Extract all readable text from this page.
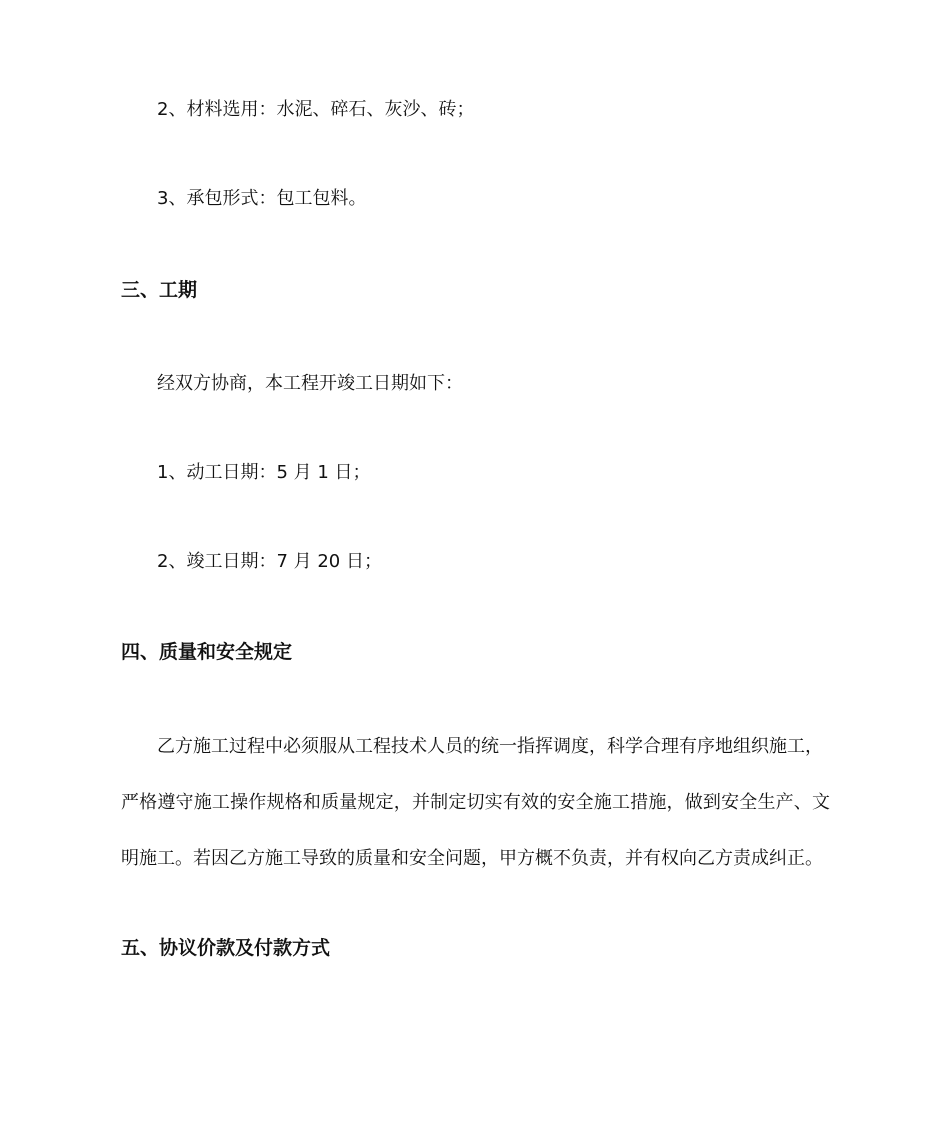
2、材料选用：水泥、碎石、灰沙、砖；
3、承包形式：包工包料。
三、工期
经双方协商，本工程开竣工日期如下：
1、动工日期：5 月 1 日；
2、竣工日期：7 月 20 日；
四、质量和安全规定
乙方施工过程中必须服从工程技术人员的统一指挥调度，科学合理有序地组织施工，
严格遵守施工操作规格和质量规定，并制定切实有效的安全施工措施，做到安全生产、文
明施工。若因乙方施工导致的质量和安全问题，甲方概不负责，并有权向乙方责成纠正。
五、协议价款及付款方式
